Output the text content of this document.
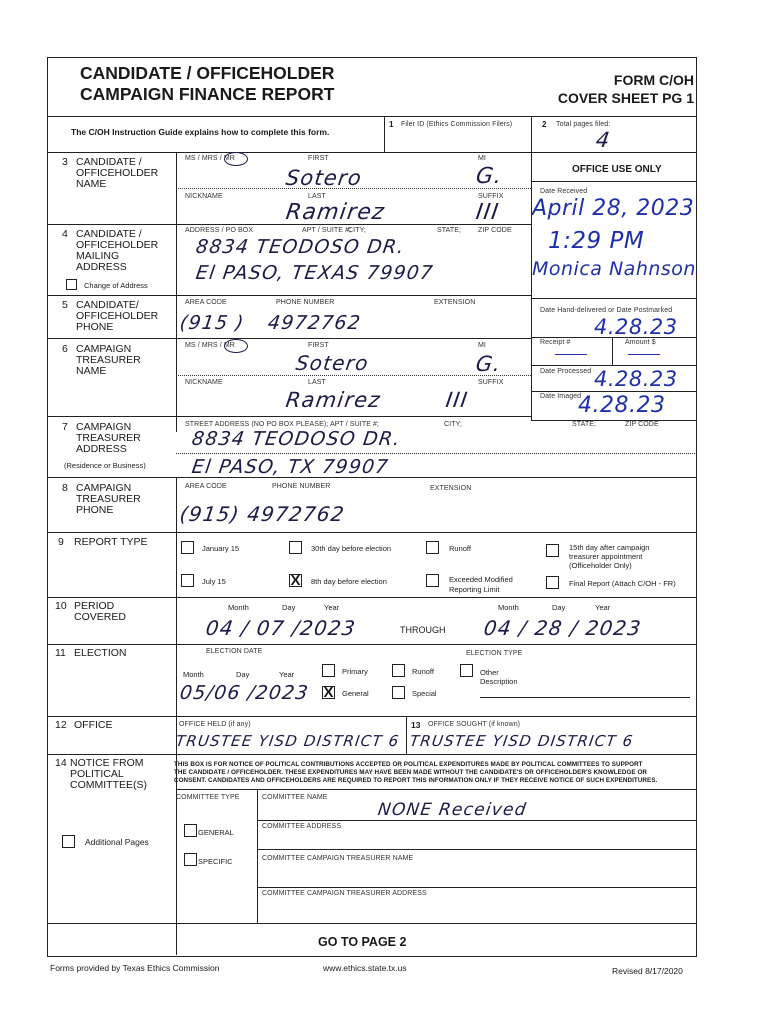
CANDIDATE / OFFICEHOLDER
CAMPAIGN FINANCE REPORT
FORM C/OH
COVER SHEET PG 1
The C/OH Instruction Guide explains how to complete this form.
1 Filer ID (Ethics Commission Filers)	2 Total pages filed:
4
OFFICE USE ONLY
Date Received
April 28, 2023
1:29 PM
Monica Nahnson
Date Hand-delivered or Date Postmarked
4.28.23
Receipt #	Amount $
Date Processed 4.28.23
Date Imaged
4.28.23
3 CANDIDATE /
OFFICEHOLDER
NAME
MS / MRS / MR	FIRST	MI
Sotero	G.
NICKNAME	LAST	SUFFIX
Ramirez	III
4 CANDIDATE /
OFFICEHOLDER
MAILING
ADDRESS
Change of Address
ADDRESS / PO BOX	APT / SUITE #;
CITY;	STATE; ZIP CODE
8834 TEODOSO DR.
El PASO, TEXAS 79907
5 CANDIDATE/
OFFICEHOLDER
PHONE
AREA CODE	PHONE NUMBER	EXTENSION
(915 ) 4972762
6 CAMPAIGN
TREASURER
NAME
MS / MRS / MR	FIRST	MI
Sotero	G.
NICKNAME	LAST	SUFFIX
Ramirez	III
7 CAMPAIGN
TREASURER
ADDRESS
(Residence or Business)
STREET ADDRESS (NO PO BOX PLEASE); APT / SUITE #;	CITY;	STATE;	ZIP CODE
8834 TEODOSO DR.
El PASO, TX 79907
8 CAMPAIGN
TREASURER
PHONE
AREA CODE	PHONE NUMBER	EXTENSION
(915) 4972762
9 REPORT TYPE
January 15	30th day before election	Runoff	15th day after campaign
treasurer appointment
(Officeholder Only)
July 15	X 8th day before election	Exceeded Modified
Reporting Limit
Final Report (Attach C/OH - FR)
10 PERIOD
COVERED
Month	Day	Year	Month	Day	Year
04 / 07 /2023	THROUGH 04 / 28 / 2023
11 ELECTION	ELECTION DATE	ELECTION TYPE
Month	Day	Year
05/06 /2023
Primary	Runoff	Other
Description
X General	Special
12 OFFICE	OFFICE HELD (if any)
TRUSTEE YISD DISTRICT 6
13 OFFICE SOUGHT (if known)
TRUSTEE YISD DISTRICT 6
14 NOTICE FROM
POLITICAL
COMMITTEE(S)
THIS BOX IS FOR NOTICE OF POLITICAL CONTRIBUTIONS ACCEPTED OR POLITICAL EXPENDITURES MADE BY POLITICAL COMMITTEES TO SUPPORT
THE CANDIDATE / OFFICEHOLDER. THESE EXPENDITURES MAY HAVE BEEN MADE WITHOUT THE CANDIDATE'S OR OFFICEHOLDER'S KNOWLEDGE OR
CONSENT. CANDIDATES AND OFFICEHOLDERS ARE REQUIRED TO REPORT THIS INFORMATION ONLY IF THEY RECEIVE NOTICE OF SUCH EXPENDITURES.
COMMITTEE TYPE	COMMITTEE NAME
NONE Received
COMMITTEE ADDRESS
GENERAL
Additional Pages
SPECIFIC	COMMITTEE CAMPAIGN TREASURER NAME
COMMITTEE CAMPAIGN TREASURER ADDRESS
GO TO PAGE 2
Forms provided by Texas Ethics Commission	www.ethics.state.tx.us	Revised 8/17/2020
